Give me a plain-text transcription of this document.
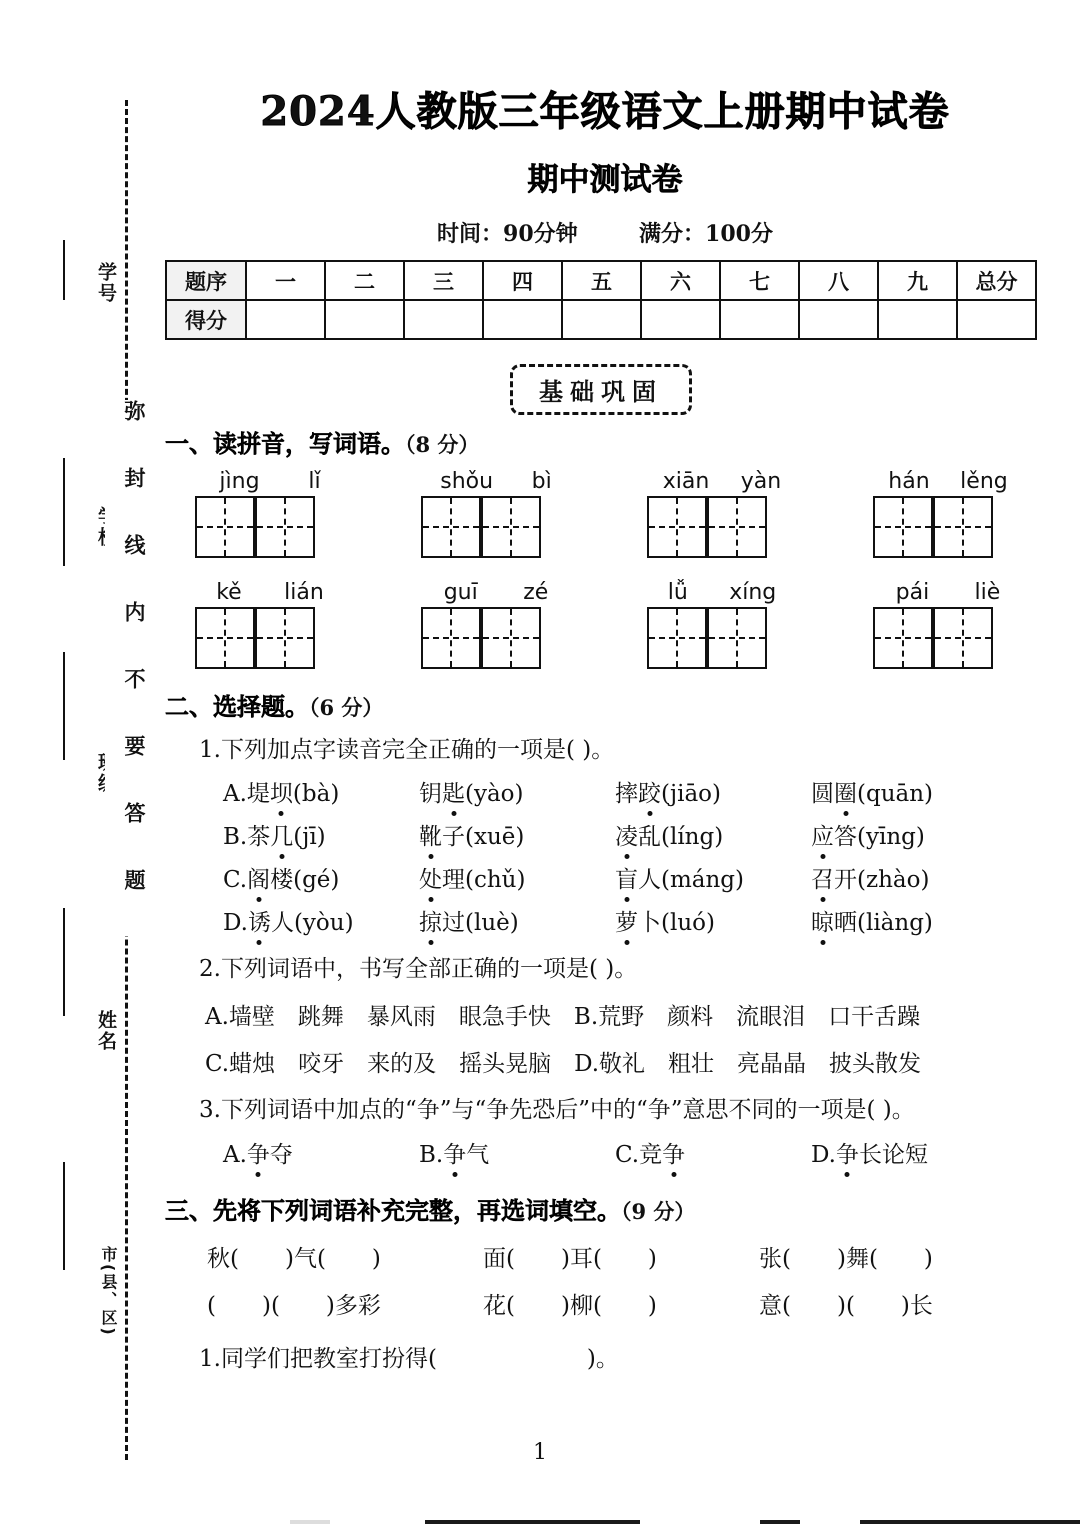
学号
姓名
市(县、区)
弥封线内不要答题
2024人教版三年级语文上册期中试卷
期中测试卷
时间：90分钟	满分：100分
题序	一	二	三	四	五	六	七	八	九	总分
得分										
基础巩固
一、读拼音，写词语。（8 分）
jìng lǐ	shǒu bì	xiān yàn	hán lěng
kě lián	guī zé	lǚ xíng	pái liè
二、选择题。（6 分）
1.下列加点字读音完全正确的一项是( )。
A.堤坝(bà)	钥匙(yào)	摔跤(jiāo)	圆圈(quān)
B.茶几(jī)	靴子(xuē)	凌乱(líng)	应答(yīng)
C.阁楼(gé)	处理(chǔ)	盲人(máng)	召开(zhào)
D.诱人(yòu)	掠过(luè)	萝卜(luó)	晾晒(liàng)
2.下列词语中，书写全部正确的一项是( )。
A.墙壁　跳舞　暴风雨　眼急手快　B.荒野　颜料　流眼泪　口干舌躁
C.蜡烛　咬牙　来的及　摇头晃脑　D.敬礼　粗壮　亮晶晶　披头散发
3.下列词语中加点的“争”与“争先恐后”中的“争”意思不同的一项是( )。
A.争夺	B.争气	C.竞争	D.争长论短
三、先将下列词语补充完整，再选词填空。（9 分）
秋(　　)气(　　)	面(　　)耳(　　)	张(　　)舞(　　)
(　　)(　　)多彩	花(　　)柳(　　)	意(　　)(　　)长
1.同学们把教室打扮得(	)。
1
